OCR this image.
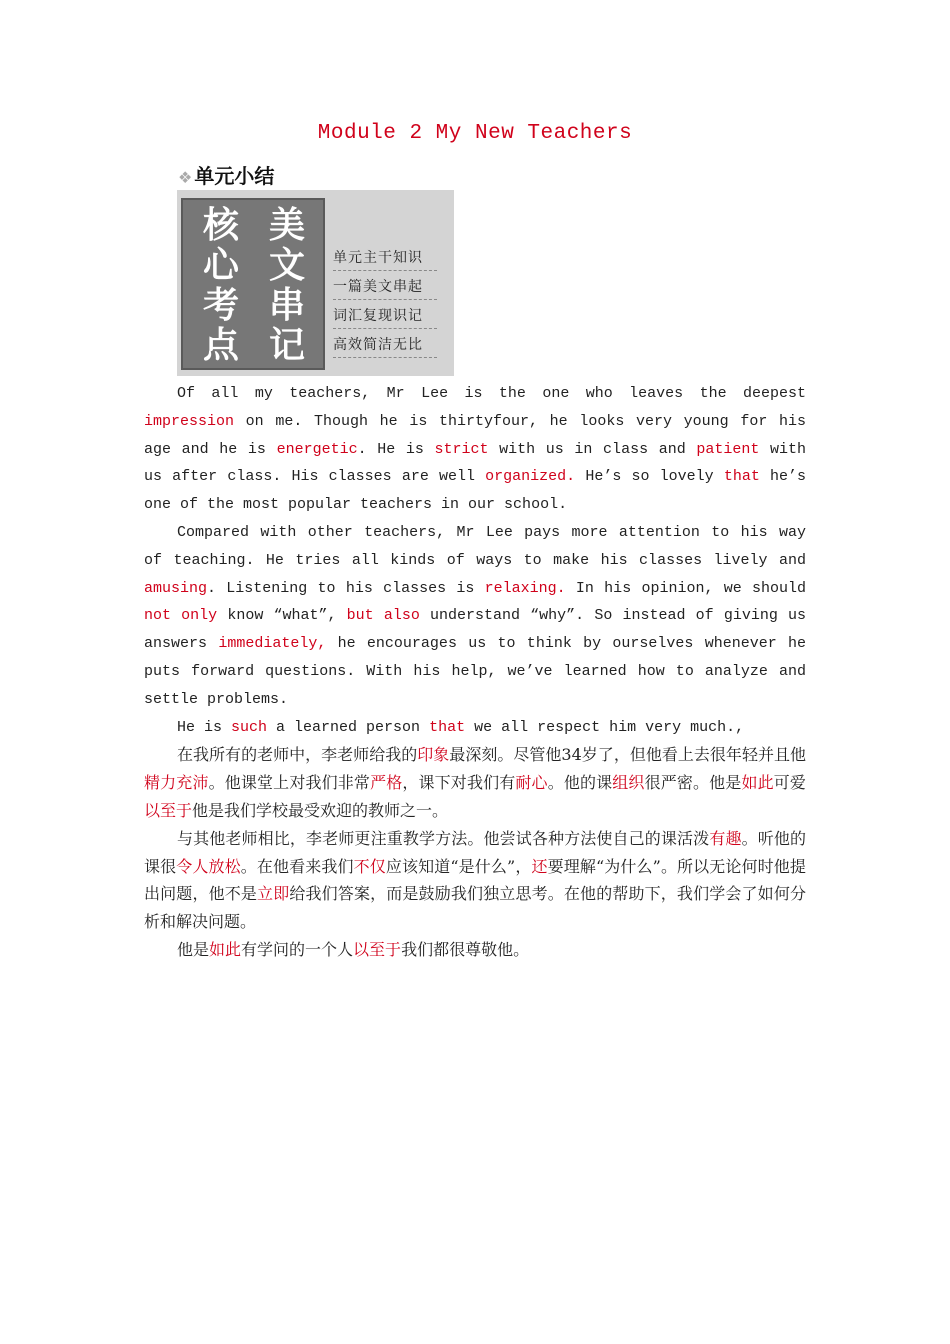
Module 2 My New Teachers
❖ 单元小结
核
心
考
点
美
文
串
记
单元主干知识
一篇美文串起
词汇复现识记
高效简洁无比

Of all my teachers, Mr Lee is the one who leaves the deepest impression on me. Though he is thirtyfour, he looks very young for his age and he is energetic. He is strict with us in class and patient with us after class. His classes are well organized. He’s so lovely that he’s one of the most popular teachers in our school.

Compared with other teachers, Mr Lee pays more attention to his way of teaching. He tries all kinds of ways to make his classes lively and amusing. Listening to his classes is relaxing. In his opinion, we should not only know “what”, but also understand “why”. So instead of giving us answers immediately, he encourages us to think by ourselves whenever he puts forward questions. With his help, we’ve learned how to analyze and settle problems.

He is such a learned person that we all respect him very much.,

在我所有的老师中，李老师给我的印象最深刻。尽管他34岁了，但他看上去很年轻并且他精力充沛。他课堂上对我们非常严格，课下对我们有耐心。他的课组织很严密。他是如此可爱以至于他是我们学校最受欢迎的教师之一。

与其他老师相比，李老师更注重教学方法。他尝试各种方法使自己的课活泼有趣。听他的课很令人放松。在他看来我们不仅应该知道“是什么”，还要理解“为什么”。所以无论何时他提出问题，他不是立即给我们答案，而是鼓励我们独立思考。在他的帮助下，我们学会了如何分析和解决问题。

他是如此有学问的一个人以至于我们都很尊敬他。
